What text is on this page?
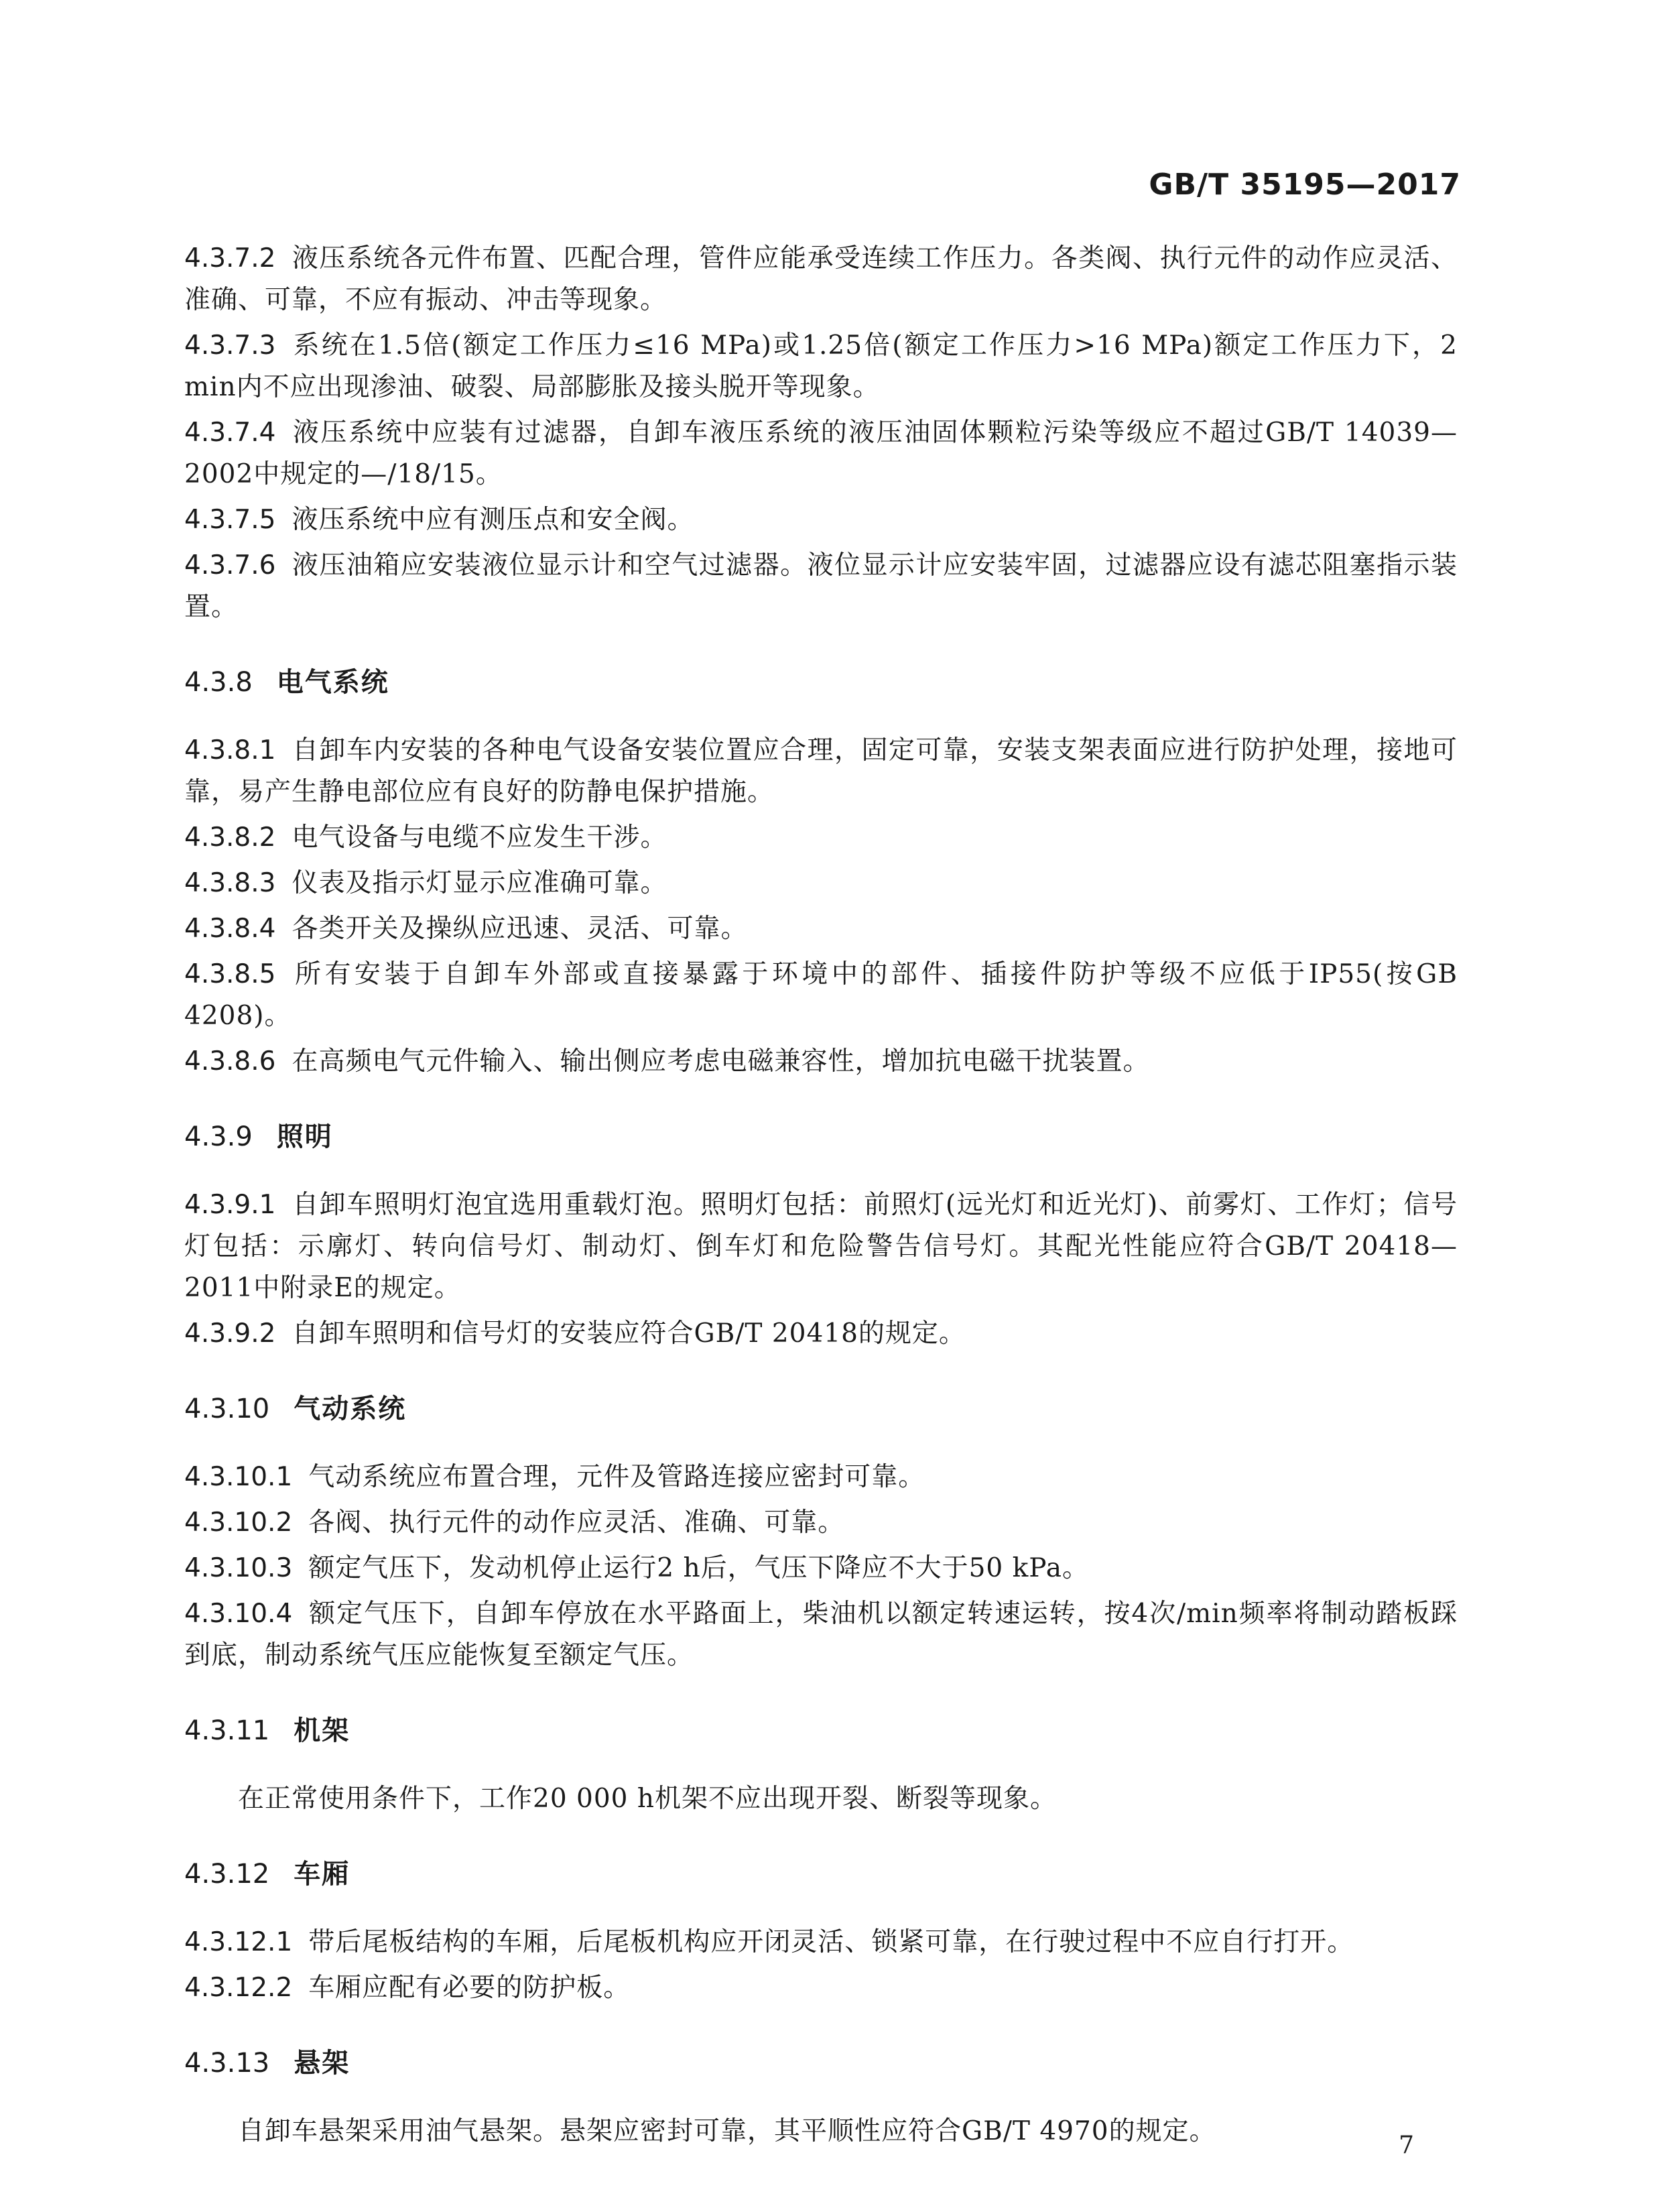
GB/T 35195—2017
4.3.7.2 液压系统各元件布置、匹配合理，管件应能承受连续工作压力。各类阀、执行元件的动作应灵活、准确、可靠，不应有振动、冲击等现象。
4.3.7.3 系统在1.5倍(额定工作压力≤16 MPa)或1.25倍(额定工作压力>16 MPa)额定工作压力下，2 min内不应出现渗油、破裂、局部膨胀及接头脱开等现象。
4.3.7.4 液压系统中应装有过滤器，自卸车液压系统的液压油固体颗粒污染等级应不超过GB/T 14039—2002中规定的—/18/15。
4.3.7.5 液压系统中应有测压点和安全阀。
4.3.7.6 液压油箱应安装液位显示计和空气过滤器。液位显示计应安装牢固，过滤器应设有滤芯阻塞指示装置。
4.3.8 电气系统
4.3.8.1 自卸车内安装的各种电气设备安装位置应合理，固定可靠，安装支架表面应进行防护处理，接地可靠，易产生静电部位应有良好的防静电保护措施。
4.3.8.2 电气设备与电缆不应发生干涉。
4.3.8.3 仪表及指示灯显示应准确可靠。
4.3.8.4 各类开关及操纵应迅速、灵活、可靠。
4.3.8.5 所有安装于自卸车外部或直接暴露于环境中的部件、插接件防护等级不应低于IP55(按GB 4208)。
4.3.8.6 在高频电气元件输入、输出侧应考虑电磁兼容性，增加抗电磁干扰装置。
4.3.9 照明
4.3.9.1 自卸车照明灯泡宜选用重载灯泡。照明灯包括：前照灯(远光灯和近光灯)、前雾灯、工作灯；信号灯包括：示廓灯、转向信号灯、制动灯、倒车灯和危险警告信号灯。其配光性能应符合GB/T 20418—2011中附录E的规定。
4.3.9.2 自卸车照明和信号灯的安装应符合GB/T 20418的规定。
4.3.10 气动系统
4.3.10.1 气动系统应布置合理，元件及管路连接应密封可靠。
4.3.10.2 各阀、执行元件的动作应灵活、准确、可靠。
4.3.10.3 额定气压下，发动机停止运行2 h后，气压下降应不大于50 kPa。
4.3.10.4 额定气压下，自卸车停放在水平路面上，柴油机以额定转速运转，按4次/min频率将制动踏板踩到底，制动系统气压应能恢复至额定气压。
4.3.11 机架
在正常使用条件下，工作20 000 h机架不应出现开裂、断裂等现象。
4.3.12 车厢
4.3.12.1 带后尾板结构的车厢，后尾板机构应开闭灵活、锁紧可靠，在行驶过程中不应自行打开。
4.3.12.2 车厢应配有必要的防护板。
4.3.13 悬架
自卸车悬架采用油气悬架。悬架应密封可靠，其平顺性应符合GB/T 4970的规定。	7
